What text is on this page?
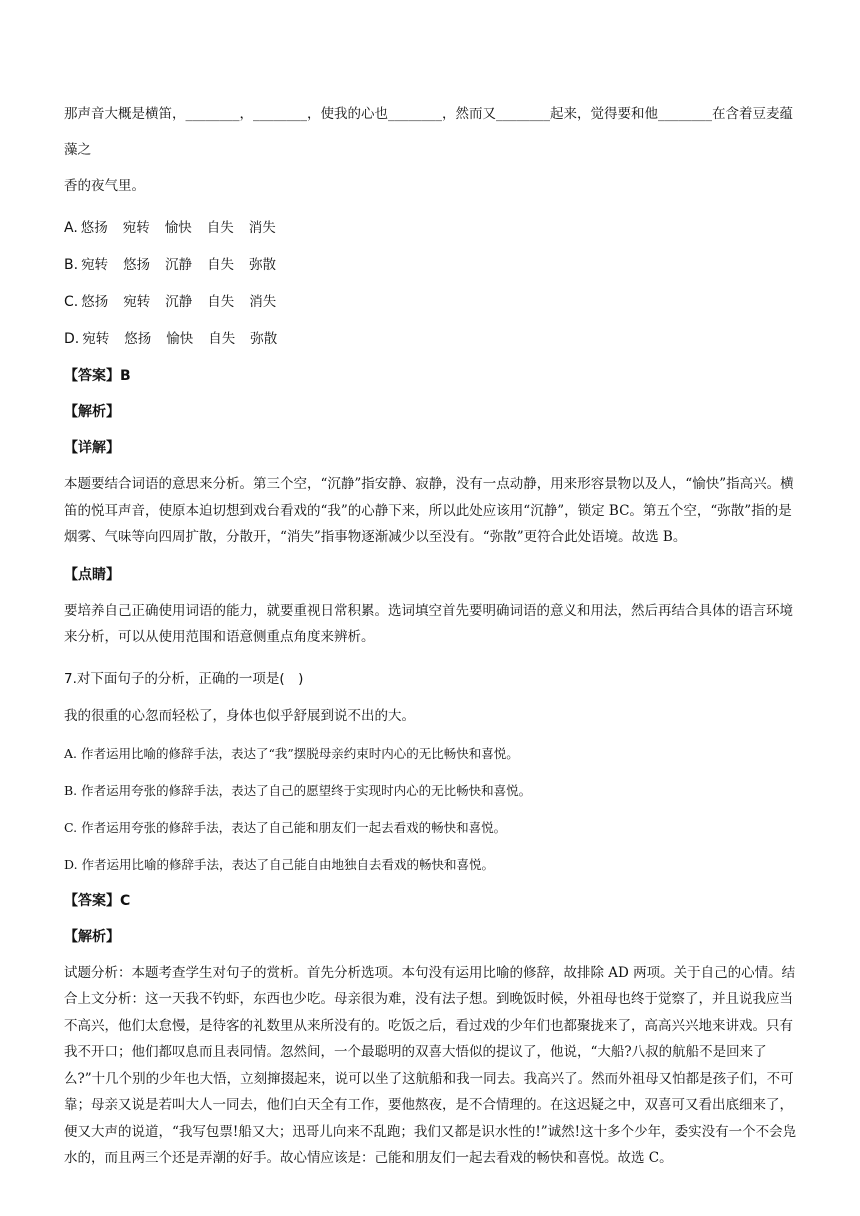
那声音大概是横笛，________，________，使我的心也________，然而又________起来，觉得要和他________在含着豆麦蕴藻之

香的夜气里。

A. 悠扬 宛转 愉快 自失 消失

B. 宛转 悠扬 沉静 自失 弥散

C. 悠扬 宛转 沉静 自失 消失

D. 宛转 悠扬 愉快 自失 弥散

【答案】B

【解析】

【详解】

本题要结合词语的意思来分析。第三个空，“沉静”指安静、寂静，没有一点动静，用来形容景物以及人，“愉快”指高兴。横笛的悦耳声音，使原本迫切想到戏台看戏的“我”的心静下来，所以此处应该用“沉静”，锁定 BC。第五个空，“弥散”指的是烟雾、气味等向四周扩散，分散开，“消失”指事物逐渐减少以至没有。“弥散”更符合此处语境。故选 B。

【点睛】

要培养自己正确使用词语的能力，就要重视日常积累。选词填空首先要明确词语的意义和用法，然后再结合具体的语言环境来分析，可以从使用范围和语意侧重点角度来辨析。

7.对下面句子的分析，正确的一项是(　)

我的很重的心忽而轻松了，身体也似乎舒展到说不出的大。

A. 作者运用比喻的修辞手法，表达了“我”摆脱母亲约束时内心的无比畅快和喜悦。

B. 作者运用夸张的修辞手法，表达了自己的愿望终于实现时内心的无比畅快和喜悦。

C. 作者运用夸张的修辞手法，表达了自己能和朋友们一起去看戏的畅快和喜悦。

D. 作者运用比喻的修辞手法，表达了自己能自由地独自去看戏的畅快和喜悦。

【答案】C

【解析】

试题分析：本题考查学生对句子的赏析。首先分析选项。本句没有运用比喻的修辞，故排除 AD 两项。关于自己的心情。结合上文分析：这一天我不钓虾，东西也少吃。母亲很为难，没有法子想。到晚饭时候，外祖母也终于觉察了，并且说我应当不高兴，他们太怠慢，是待客的礼数里从来所没有的。吃饭之后，看过戏的少年们也都聚拢来了，高高兴兴地来讲戏。只有我不开口；他们都叹息而且表同情。忽然间，一个最聪明的双喜大悟似的提议了，他说，“大船?八叔的航船不是回来了么?”十几个别的少年也大悟，立刻撺掇起来，说可以坐了这航船和我一同去。我高兴了。然而外祖母又怕都是孩子们，不可靠；母亲又说是若叫大人一同去，他们白天全有工作，要他熬夜，是不合情理的。在这迟疑之中，双喜可又看出底细来了，便又大声的说道，“我写包票!船又大；迅哥儿向来不乱跑；我们又都是识水性的!”诚然!这十多个少年，委实没有一个不会凫水的，而且两三个还是弄潮的好手。故心情应该是：己能和朋友们一起去看戏的畅快和喜悦。故选 C。
